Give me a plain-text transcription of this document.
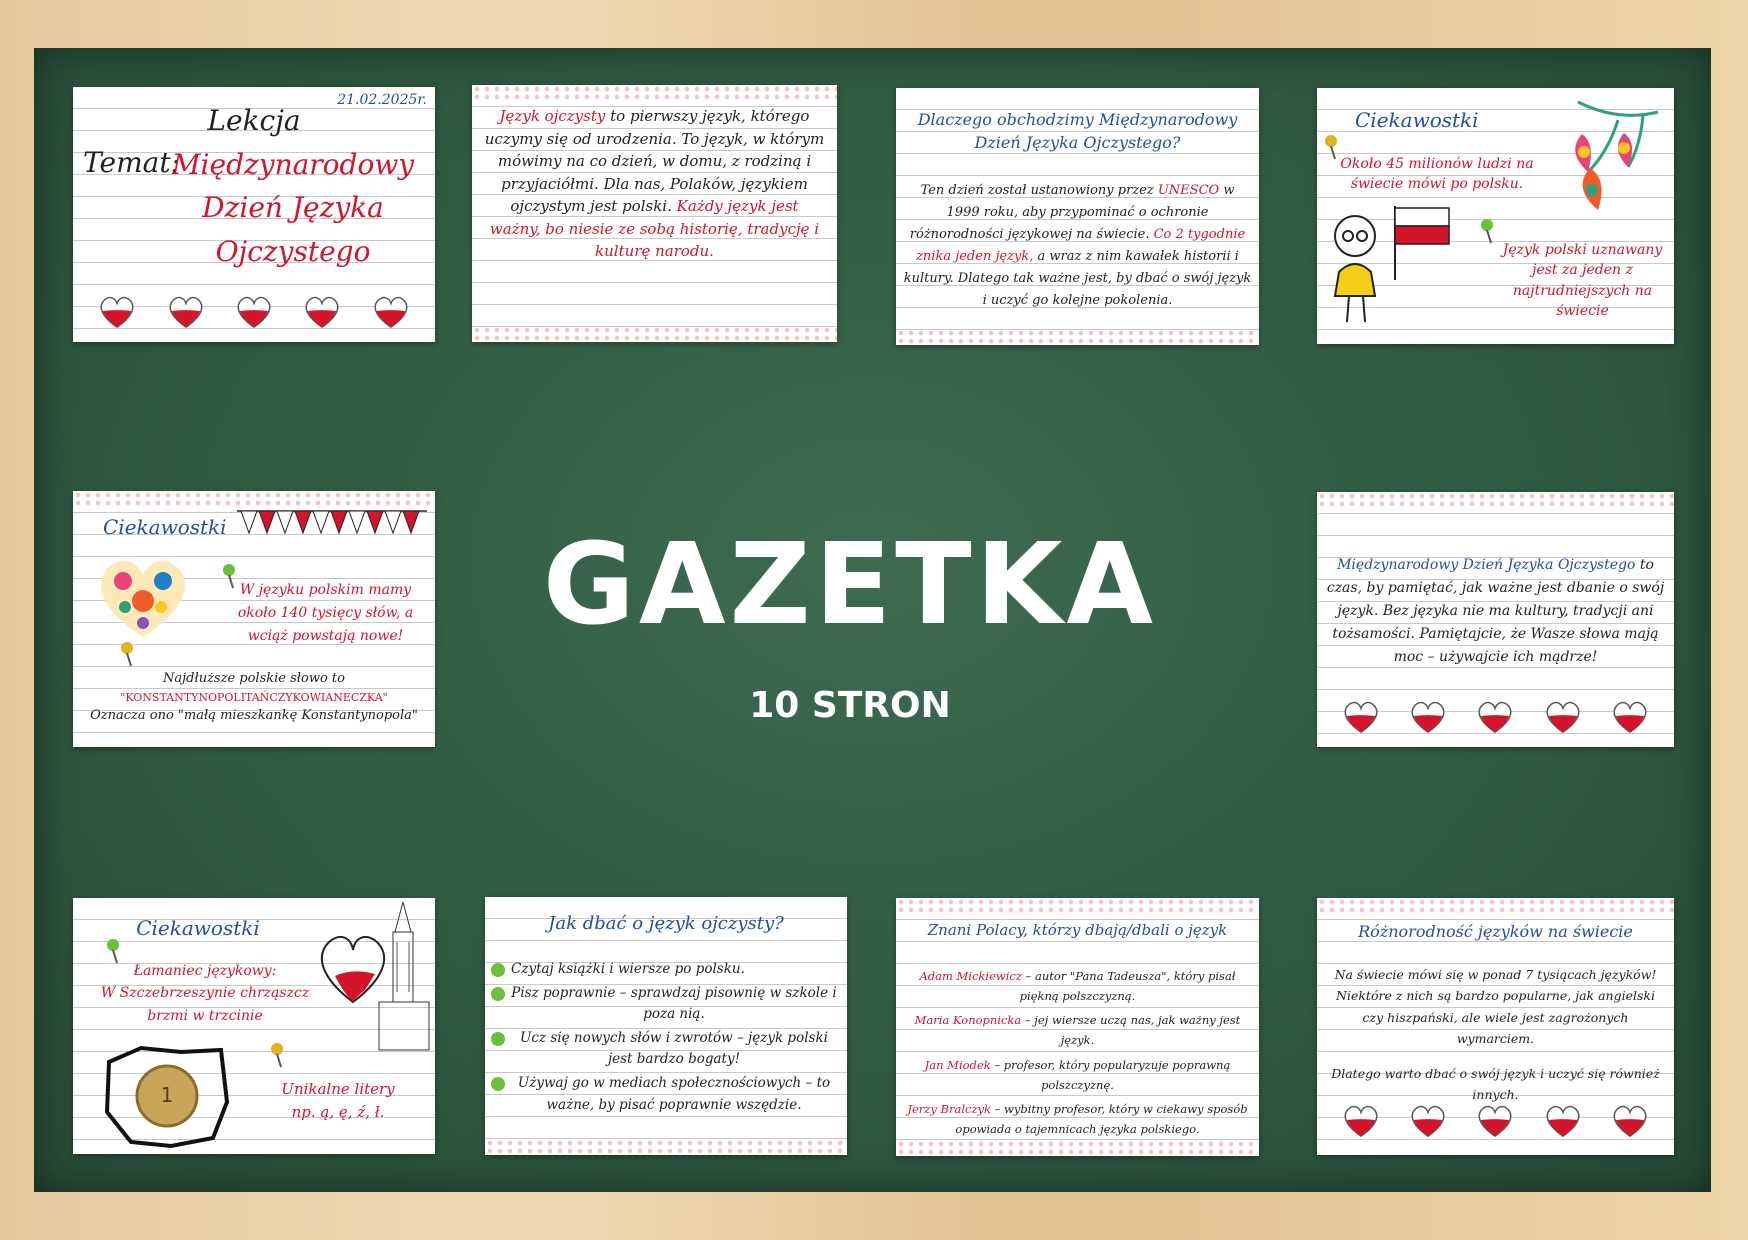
GAZETKA
10 STRON
21.02.2025r.
Lekcja
Temat:
Międzynarodowy Dzień Języka Ojczystego
Język ojczysty to pierwszy język, którego uczymy się od urodzenia. To język, w którym mówimy na co dzień, w domu, z rodziną i przyjaciółmi. Dla nas, Polaków, językiem ojczystym jest polski. Każdy język jest ważny, bo niesie ze sobą historię, tradycję i kulturę narodu.
Dlaczego obchodzimy Międzynarodowy Dzień Języka Ojczystego?
Ten dzień został ustanowiony przez UNESCO w 1999 roku, aby przypominać o ochronie różnorodności językowej na świecie. Co 2 tygodnie znika jeden język, a wraz z nim kawałek historii i kultury. Dlatego tak ważne jest, by dbać o swój język i uczyć go kolejne pokolenia.
Ciekawostki
Około 45 milionów ludzi na świecie mówi po polsku.
Język polski uznawany jest za jeden z najtrudniejszych na świecie
Ciekawostki
W języku polskim mamy około 140 tysięcy słów, a wciąż powstają nowe!
Najdłuższe polskie słowo to
"KONSTANTYNOPOLITAŃCZYKOWIANECZKA"
Oznacza ono "małą mieszkankę Konstantynopola"
Międzynarodowy Dzień Języka Ojczystego to czas, by pamiętać, jak ważne jest dbanie o swój język. Bez języka nie ma kultury, tradycji ani tożsamości. Pamiętajcie, że Wasze słowa mają moc – używajcie ich mądrze!
Ciekawostki
Łamaniec językowy:
W Szczebrzeszynie chrząszcz brzmi w trzcinie
1	Unikalne litery
np. ą, ę, ź, ł.
Jak dbać o język ojczysty?
Czytaj książki i wiersze po polsku.
Pisz poprawnie – sprawdzaj pisownię w szkole i poza nią.
Ucz się nowych słów i zwrotów – język polski jest bardzo bogaty!
Używaj go w mediach społecznościowych – to ważne, by pisać poprawnie wszędzie.
Znani Polacy, którzy dbają/dbali o język
Adam Mickiewicz – autor "Pana Tadeusza", który pisał piękną polszczyzną.
Maria Konopnicka – jej wiersze uczą nas, jak ważny jest język.
Jan Miodek – profesor, który popularyzuje poprawną polszczyznę.
Jerzy Bralczyk – wybitny profesor, który w ciekawy sposób opowiada o tajemnicach języka polskiego.
Różnorodność języków na świecie
Na świecie mówi się w ponad 7 tysiącach języków!
Niektóre z nich są bardzo popularne, jak angielski czy hiszpański, ale wiele jest zagrożonych wymarciem.
Dlatego warto dbać o swój język i uczyć się również innych.
